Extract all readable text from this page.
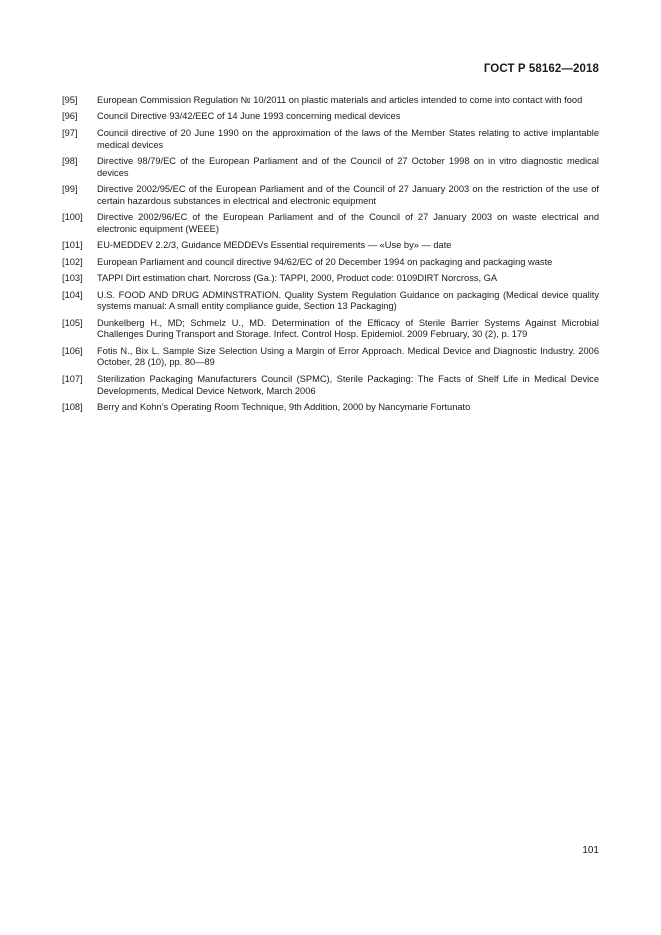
ГОСТ Р 58162—2018
[95]	European Commission Regulation № 10/2011 on plastic materials and articles intended to come into contact with food
[96]	Council Directive 93/42/EEC of 14 June 1993 concerning medical devices
[97]	Council directive of 20 June 1990 on the approximation of the laws of the Member States relating to active implantable medical devices
[98]	Directive 98/79/EC of the European Parliament and of the Council of 27 October 1998 on in vitro diagnostic medical devices
[99]	Directive 2002/95/EC of the European Parliament and of the Council of 27 January 2003 on the restriction of the use of certain hazardous substances in electrical and electronic equipment
[100]	Directive 2002/96/EC of the European Parliament and of the Council of 27 January 2003 on waste electrical and electronic equipment (WEEE)
[101]	EU-MEDDEV 2.2/3, Guidance MEDDEVs Essential requirements — «Use by» — date
[102]	European Parliament and council directive 94/62/EC of 20 December 1994 on packaging and packaging waste
[103]	TAPPI Dirt estimation chart. Norcross (Ga.): TAPPI, 2000, Product code: 0109DIRT Norcross, GA
[104]	U.S. FOOD AND DRUG ADMINSTRATION. Quality System Regulation Guidance on packaging (Medical device quality systems manual: A small entity compliance guide, Section 13 Packaging)
[105]	Dunkelberg H., MD; Schmelz U., MD. Determination of the Efficacy of Sterile Barrier Systems Against Microbial Challenges During Transport and Storage. Infect. Control Hosp. Epidemiol. 2009 February, 30 (2), p. 179
[106]	Fotis N., Bix L. Sample Size Selection Using a Margin of Error Approach. Medical Device and Diagnostic Industry. 2006 October, 28 (10), pp. 80—89
[107]	Sterilization Packaging Manufacturers Council (SPMC), Sterile Packaging: The Facts of Shelf Life in Medical Device Developments, Medical Device Network, March 2006
[108]	Berry and Kohn’s Operating Room Technique, 9th Addition, 2000 by Nancymarie Fortunato
101
